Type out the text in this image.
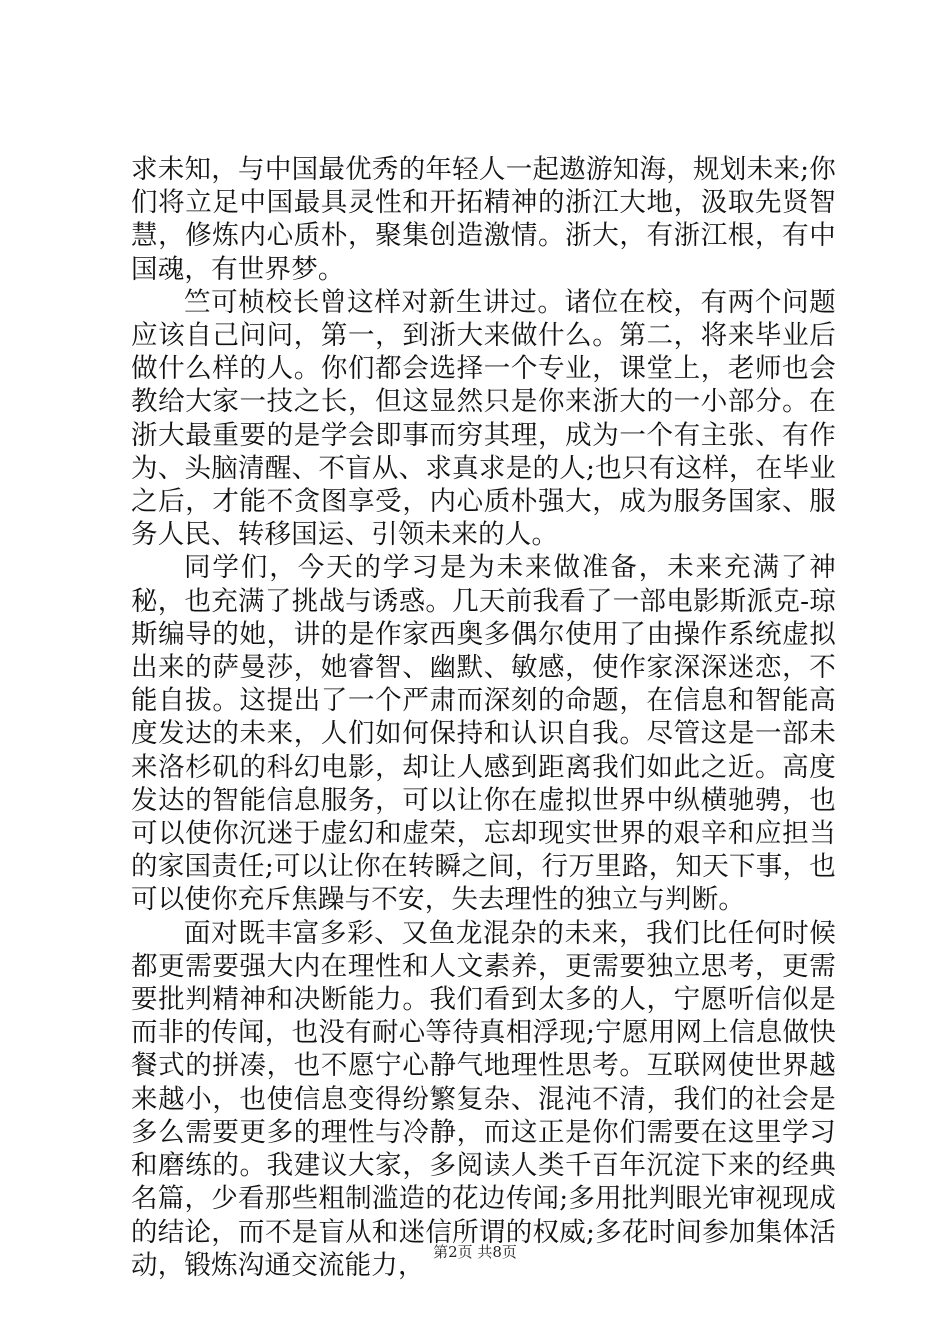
求未知，与中国最优秀的年轻人一起遨游知海，规划未来;你们将立足中国最具灵性和开拓精神的浙江大地，汲取先贤智慧，修炼内心质朴，聚集创造激情。浙大，有浙江根，有中国魂，有世界梦。

竺可桢校长曾这样对新生讲过。诸位在校，有两个问题应该自己问问，第一，到浙大来做什么。第二，将来毕业后做什么样的人。你们都会选择一个专业，课堂上，老师也会教给大家一技之长，但这显然只是你来浙大的一小部分。在浙大最重要的是学会即事而穷其理，成为一个有主张、有作为、头脑清醒、不盲从、求真求是的人;也只有这样，在毕业之后，才能不贪图享受，内心质朴强大，成为服务国家、服务人民、转移国运、引领未来的人。

同学们，今天的学习是为未来做准备，未来充满了神秘，也充满了挑战与诱惑。几天前我看了一部电影斯派克-琼斯编导的她，讲的是作家西奥多偶尔使用了由操作系统虚拟出来的萨曼莎，她睿智、幽默、敏感，使作家深深迷恋，不能自拔。这提出了一个严肃而深刻的命题，在信息和智能高度发达的未来，人们如何保持和认识自我。尽管这是一部未来洛杉矶的科幻电影，却让人感到距离我们如此之近。高度发达的智能信息服务，可以让你在虚拟世界中纵横驰骋，也可以使你沉迷于虚幻和虚荣，忘却现实世界的艰辛和应担当的家国责任;可以让你在转瞬之间，行万里路，知天下事，也可以使你充斥焦躁与不安，失去理性的独立与判断。

面对既丰富多彩、又鱼龙混杂的未来，我们比任何时候都更需要强大内在理性和人文素养，更需要独立思考，更需要批判精神和决断能力。我们看到太多的人，宁愿听信似是而非的传闻，也没有耐心等待真相浮现;宁愿用网上信息做快餐式的拼凑，也不愿宁心静气地理性思考。互联网使世界越来越小，也使信息变得纷繁复杂、混沌不清，我们的社会是多么需要更多的理性与冷静，而这正是你们需要在这里学习和磨练的。我建议大家，多阅读人类千百年沉淀下来的经典名篇，少看那些粗制滥造的花边传闻;多用批判眼光审视现成的结论，而不是盲从和迷信所谓的权威;多花时间参加集体活动，锻炼沟通交流能力， 第2页 共8页
